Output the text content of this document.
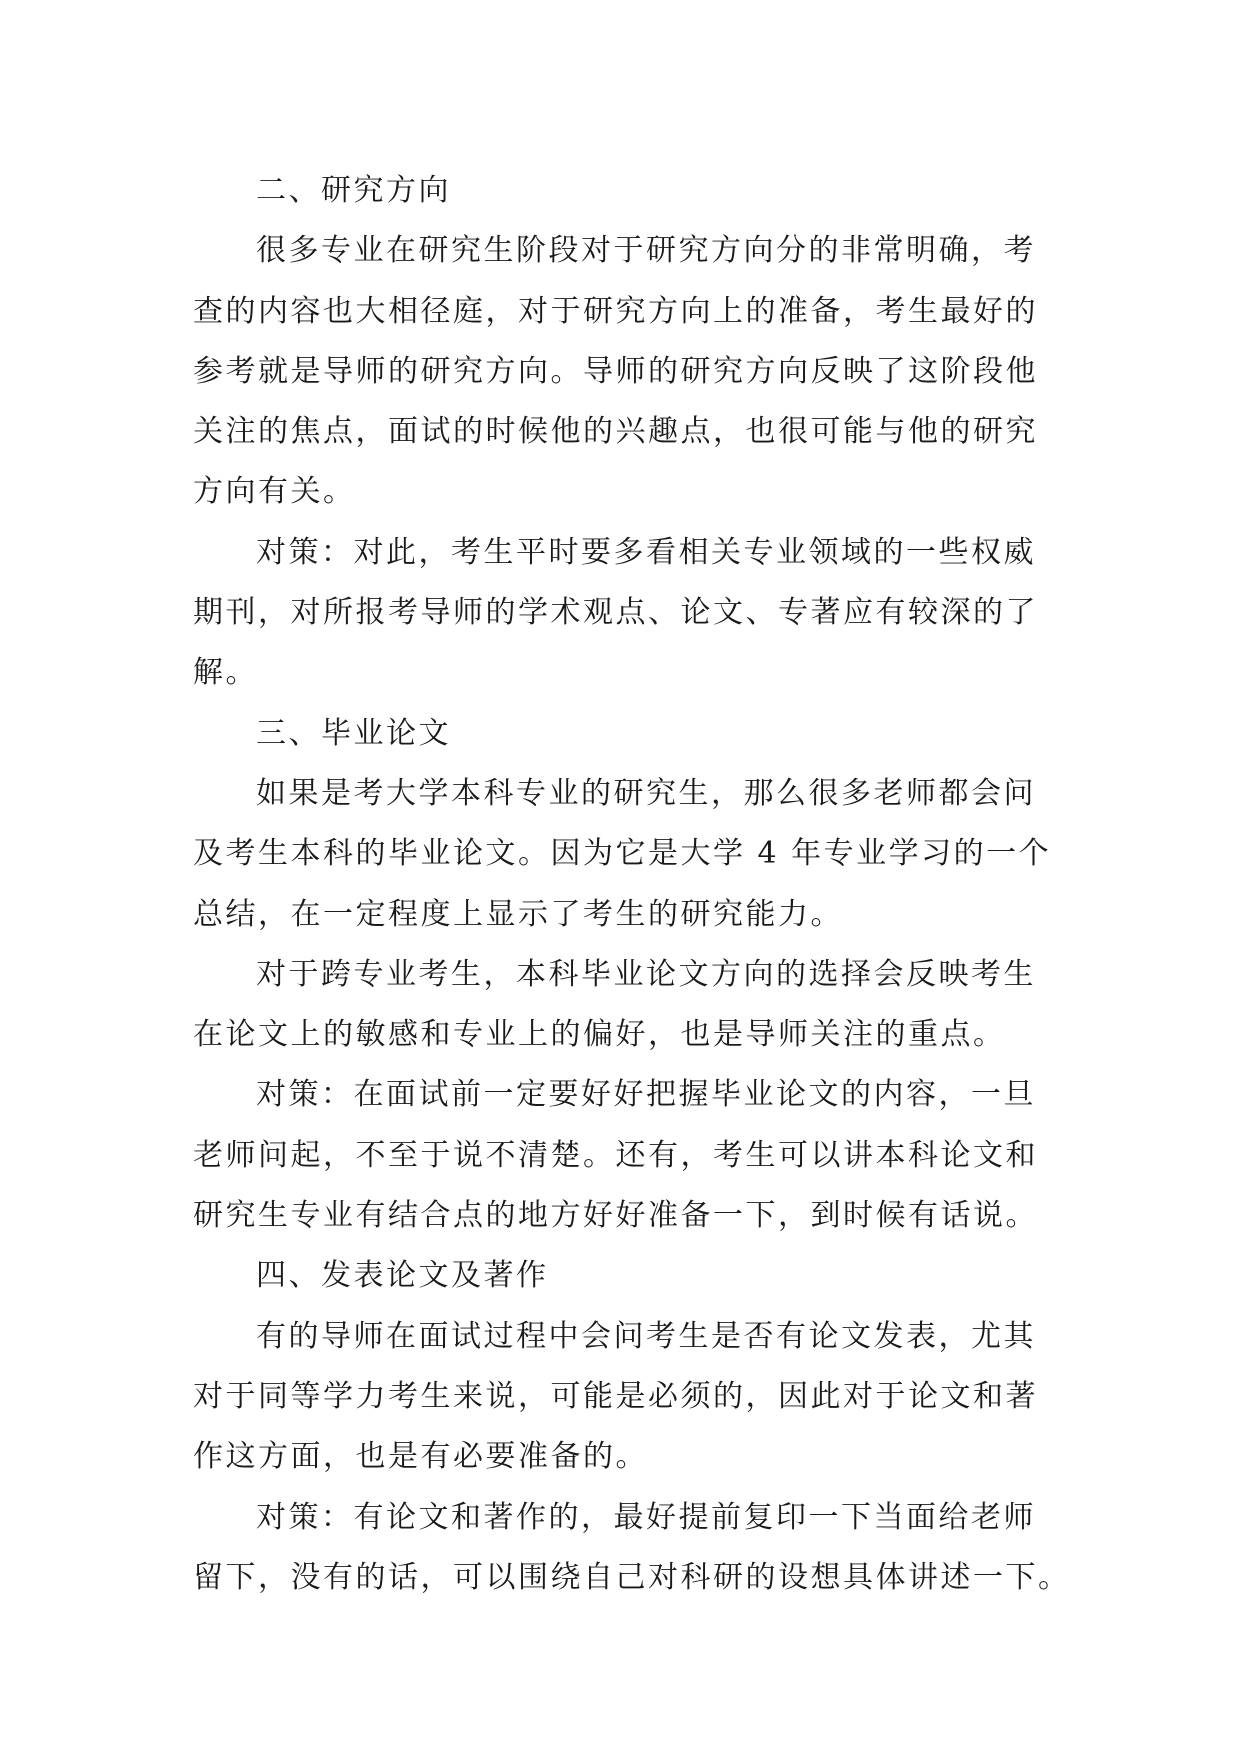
二、研究方向
很多专业在研究生阶段对于研究方向分的非常明确，考
查的内容也大相径庭，对于研究方向上的准备，考生最好的
参考就是导师的研究方向。导师的研究方向反映了这阶段他
关注的焦点，面试的时候他的兴趣点，也很可能与他的研究
方向有关。
对策：对此，考生平时要多看相关专业领域的一些权威
期刊，对所报考导师的学术观点、论文、专著应有较深的了
解。
三、毕业论文
如果是考大学本科专业的研究生，那么很多老师都会问
及考生本科的毕业论文。因为它是大学 4 年专业学习的一个
总结，在一定程度上显示了考生的研究能力。
对于跨专业考生，本科毕业论文方向的选择会反映考生
在论文上的敏感和专业上的偏好，也是导师关注的重点。
对策：在面试前一定要好好把握毕业论文的内容，一旦
老师问起，不至于说不清楚。还有，考生可以讲本科论文和
研究生专业有结合点的地方好好准备一下，到时候有话说。
四、发表论文及著作
有的导师在面试过程中会问考生是否有论文发表，尤其
对于同等学力考生来说，可能是必须的，因此对于论文和著
作这方面，也是有必要准备的。
对策：有论文和著作的，最好提前复印一下当面给老师
留下，没有的话，可以围绕自己对科研的设想具体讲述一下。
